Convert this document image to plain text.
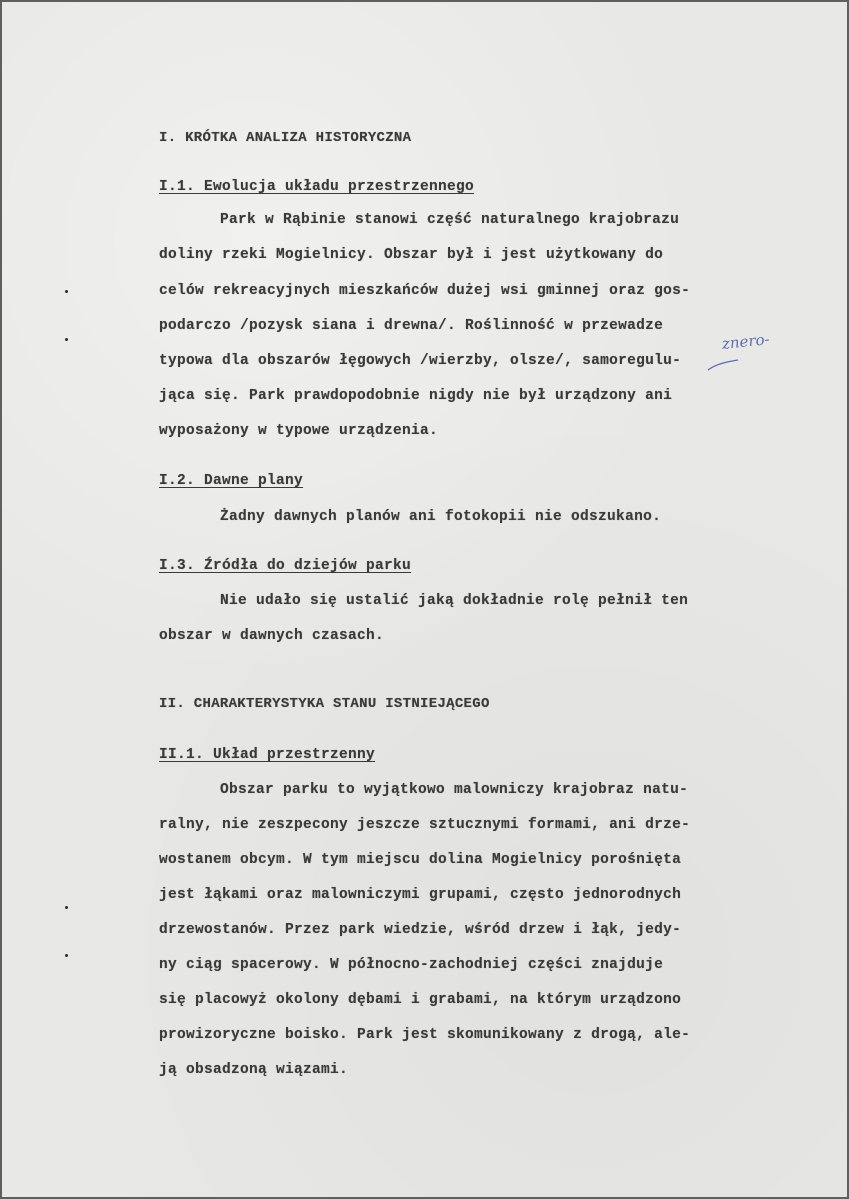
I. KRÓTKA ANALIZA HISTORYCZNA
I.1. Ewolucja układu przestrzennego
Park w Rąbinie stanowi część naturalnego krajobrazu
doliny rzeki Mogielnicy. Obszar był i jest użytkowany do
celów rekreacyjnych mieszkańców dużej wsi gminnej oraz gos-
podarczo /pozysk siana i drewna/. Roślinność w przewadze
typowa dla obszarów łęgowych /wierzby, olsze/, samoregulu-
jąca się. Park prawdopodobnie nigdy nie był urządzony ani
wyposażony w typowe urządzenia.
znero-
I.2. Dawne plany
Żadny dawnych planów ani fotokopii nie odszukano.
I.3. Źródła do dziejów parku
Nie udało się ustalić jaką dokładnie rolę pełnił ten
obszar w dawnych czasach.
II. CHARAKTERYSTYKA STANU ISTNIEJĄCEGO
II.1. Układ przestrzenny
Obszar parku to wyjątkowo malowniczy krajobraz natu-
ralny, nie zeszpecony jeszcze sztucznymi formami, ani drze-
wostanem obcym. W tym miejscu dolina Mogielnicy porośnięta
jest łąkami oraz malowniczymi grupami, często jednorodnych
drzewostanów. Przez park wiedzie, wśród drzew i łąk, jedy-
ny ciąg spacerowy. W północno-zachodniej części znajduje
się placowyż okolony dębami i grabami, na którym urządzono
prowizoryczne boisko. Park jest skomunikowany z drogą, ale-
ją obsadzoną wiązami.
